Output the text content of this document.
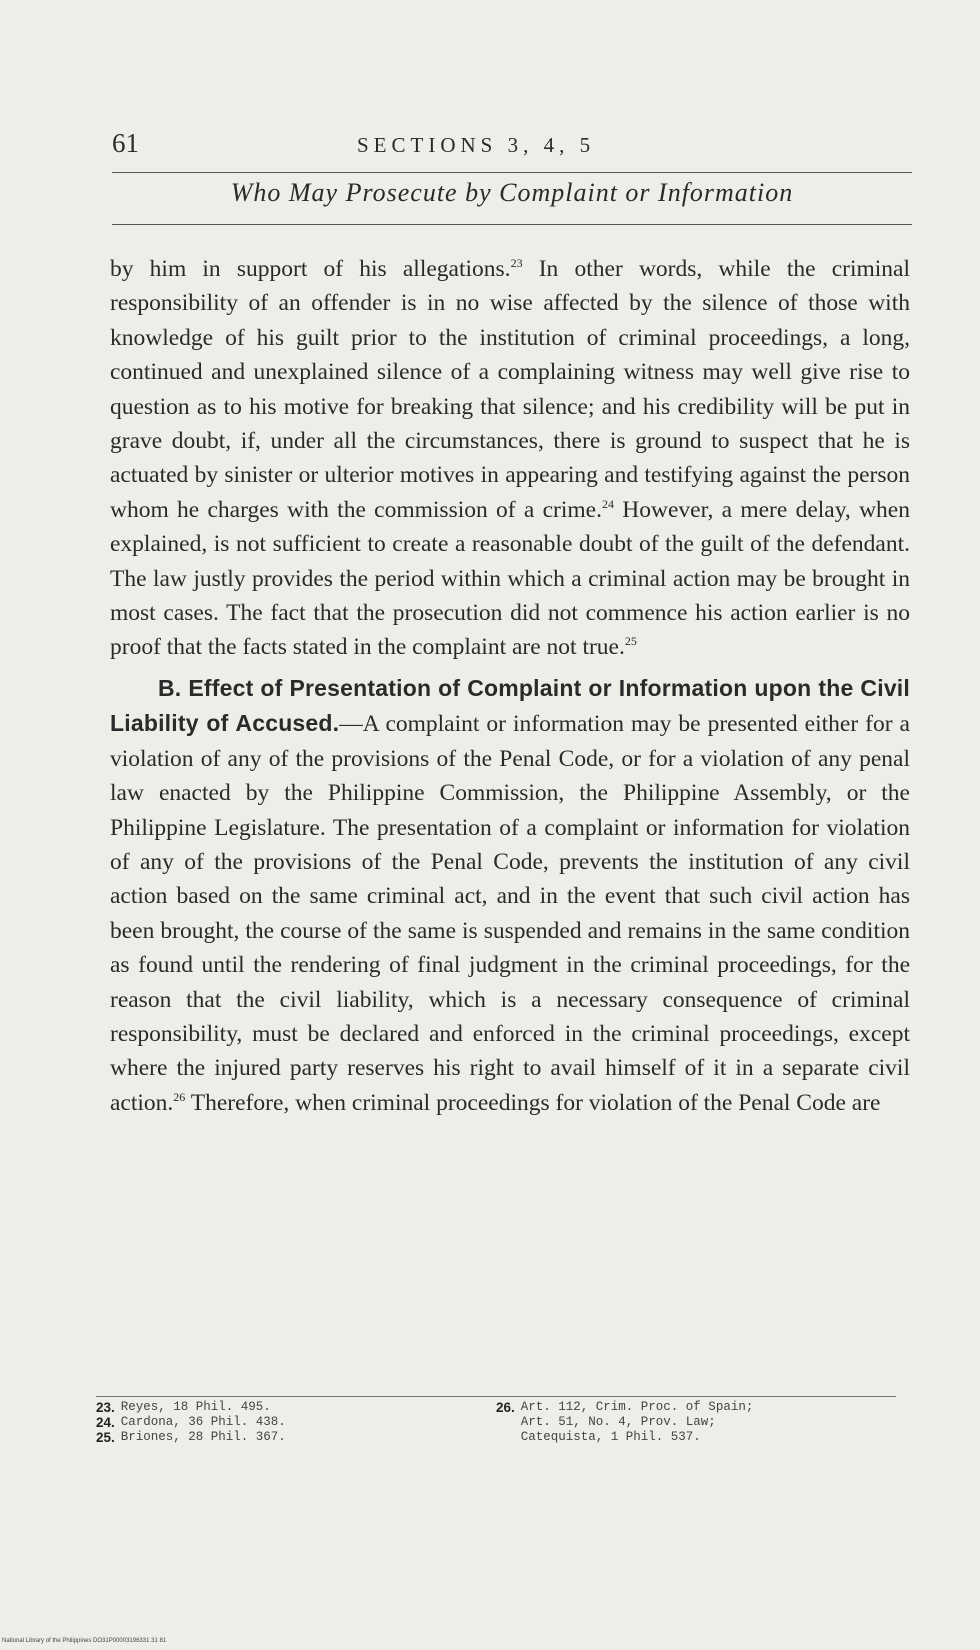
61	SECTIONS 3, 4, 5
Who May Prosecute by Complaint or Information

by him in support of his allegations.$^{23}$ In other words, while the criminal responsibility of an offender is in no wise affected by the silence of those with knowledge of his guilt prior to the institution of criminal proceedings, a long, continued and unexplained silence of a complaining witness may well give rise to question as to his motive for breaking that silence; and his credibility will be put in grave doubt, if, under all the circumstances, there is ground to suspect that he is actuated by sinister or ulterior motives in appearing and testifying against the person whom he charges with the commission of a crime.$^{24}$ However, a mere delay, when explained, is not sufficient to create a reasonable doubt of the guilt of the defendant. The law justly provides the period within which a criminal action may be brought in most cases. The fact that the prosecution did not commence his action earlier is no proof that the facts stated in the complaint are not true.$^{25}$

B. Effect of Presentation of Complaint or Information upon the Civil Liability of Accused.—A complaint or information may be presented either for a violation of any of the provisions of the Penal Code, or for a violation of any penal law enacted by the Philippine Commission, the Philippine Assembly, or the Philippine Legislature. The presentation of a complaint or information for violation of any of the provisions of the Penal Code, prevents the institution of any civil action based on the same criminal act, and in the event that such civil action has been brought, the course of the same is suspended and remains in the same condition as found until the rendering of final judgment in the criminal proceedings, for the reason that the civil liability, which is a necessary consequence of criminal responsibility, must be declared and enforced in the criminal proceedings, except where the injured party reserves his right to avail himself of it in a separate civil action.$^{26}$ Therefore, when criminal proceedings for violation of the Penal Code are

23. Reyes, 18 Phil. 495.
24. Cardona, 36 Phil. 438.
25. Briones, 28 Phil. 367.
26. Art. 112, Crim. Proc. of Spain;
Art. 51, No. 4, Prov. Law;
Catequista, 1 Phil. 537.
National Library of the Philippines DO31P00003196331 31 81
